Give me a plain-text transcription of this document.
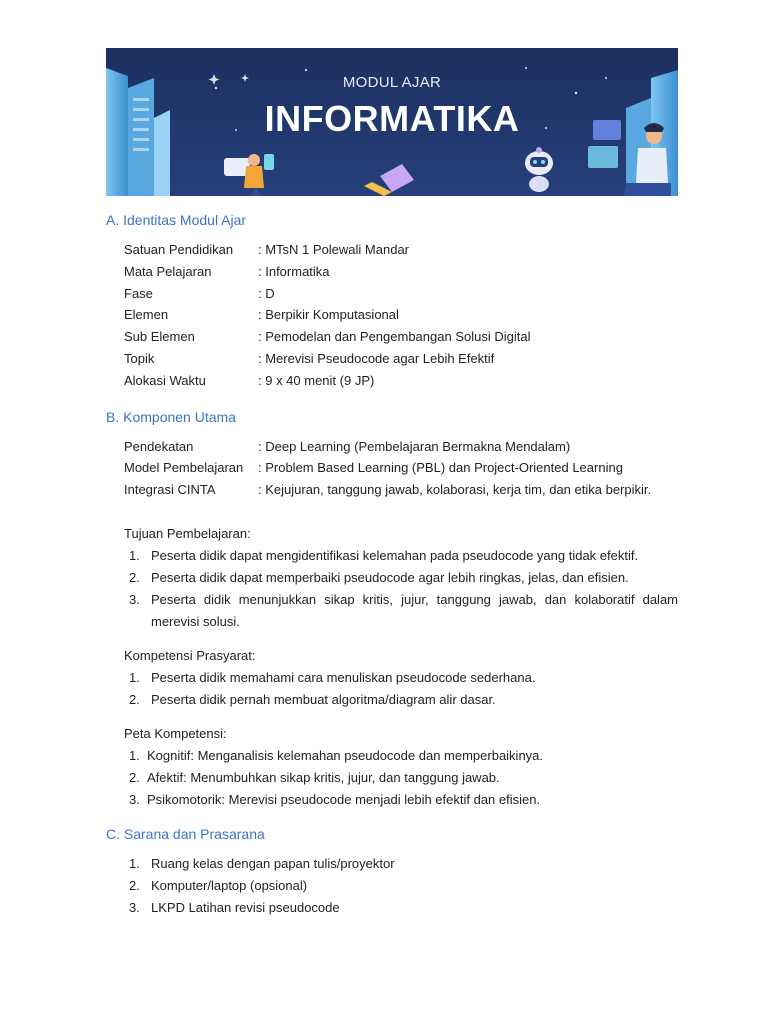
MODUL AJAR
INFORMATIKA
A. Identitas Modul Ajar
Satuan Pendidikan	: MTsN 1 Polewali Mandar
Mata Pelajaran	: Informatika
Fase	: D
Elemen	: Berpikir Komputasional
Sub Elemen	: Pemodelan dan Pengembangan Solusi Digital
Topik	: Merevisi Pseudocode agar Lebih Efektif
Alokasi Waktu	: 9 x 40 menit (9 JP)
B. Komponen Utama
Pendekatan	: Deep Learning (Pembelajaran Bermakna Mendalam)
Model Pembelajaran	: Problem Based Learning (PBL) dan Project-Oriented Learning
Integrasi CINTA	: Kejujuran, tanggung jawab, kolaborasi, kerja tim, dan etika berpikir.
Tujuan Pembelajaran:
1. Peserta didik dapat mengidentifikasi kelemahan pada pseudocode yang tidak efektif.
2. Peserta didik dapat memperbaiki pseudocode agar lebih ringkas, jelas, dan efisien.
3. Peserta didik menunjukkan sikap kritis, jujur, tanggung jawab, dan kolaboratif dalam merevisi solusi.
Kompetensi Prasyarat:
1. Peserta didik memahami cara menuliskan pseudocode sederhana.
2. Peserta didik pernah membuat algoritma/diagram alir dasar.
Peta Kompetensi:
1. Kognitif: Menganalisis kelemahan pseudocode dan memperbaikinya.
2. Afektif: Menumbuhkan sikap kritis, jujur, dan tanggung jawab.
3. Psikomotorik: Merevisi pseudocode menjadi lebih efektif dan efisien.
C. Sarana dan Prasarana
1. Ruang kelas dengan papan tulis/proyektor
2. Komputer/laptop (opsional)
3. LKPD Latihan revisi pseudocode
